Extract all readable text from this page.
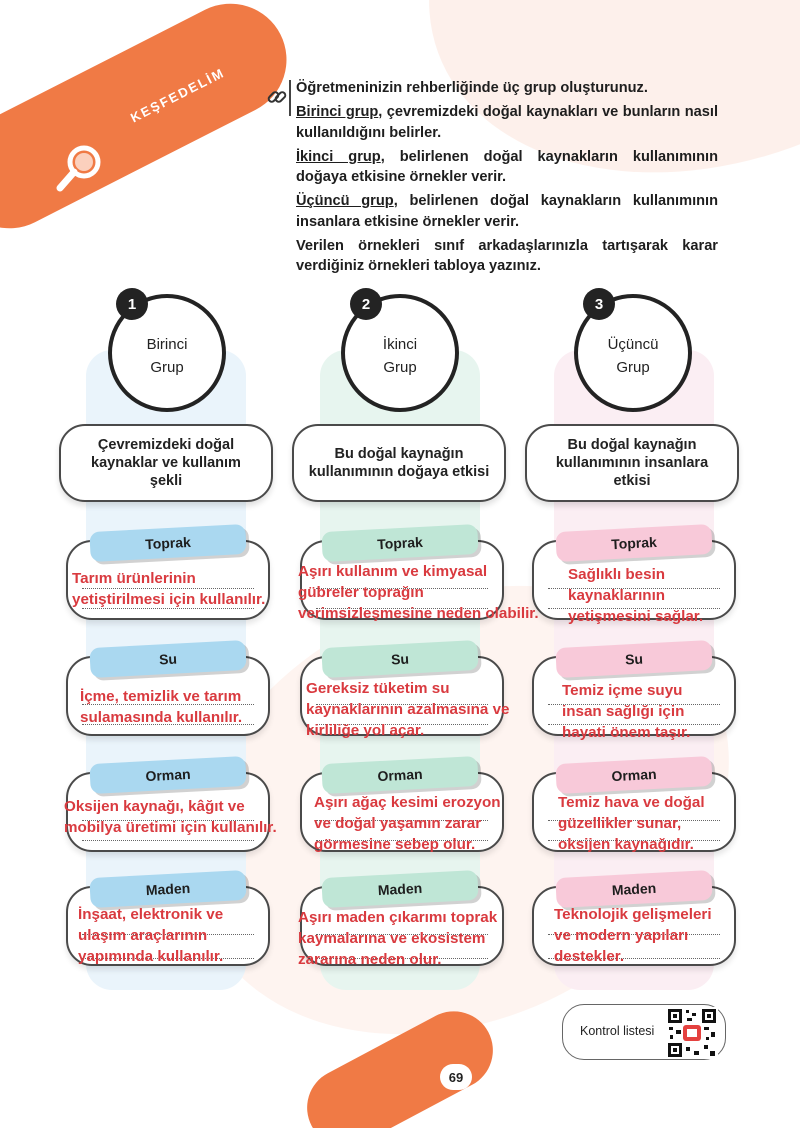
KEŞFEDELİM	Öğretmeninizin rehberliğinde üç grup oluşturunuz.

Birinci grup, çevremizdeki doğal kaynakları ve bunların nasıl kullanıldığını belirler.

İkinci grup, belirlenen doğal kaynakların kullanımının doğaya etkisine örnekler verir.

Üçüncü grup, belirlenen doğal kaynakların kullanımının insanlara etkisine örnekler verir.

Verilen örnekleri sınıf arkadaşlarınızla tartışarak karar verdiğiniz örnekleri tabloya yazınız.

Birinci
Grup
1
Çevremizdeki doğal kaynaklar ve kullanım şekli
Toprak
Tarım ürünlerinin
yetiştirilmesi için kullanılır.
Su
İçme, temizlik ve tarım
sulamasında kullanılır.
Orman
Oksijen kaynağı, kâğıt ve
mobilya üretimi için kullanılır.
Maden
İnşaat, elektronik ve
ulaşım araçlarının
yapımında kullanılır.
İkinci
Grup
2
Bu doğal kaynağın kullanımının doğaya etkisi
Toprak
Aşırı kullanım ve kimyasal
gübreler toprağın
verimsizleşmesine neden olabilir.
Su
Gereksiz tüketim su
kaynaklarının azalmasına ve
kirliliğe yol açar.
Orman
Aşırı ağaç kesimi erozyon
ve doğal yaşamın zarar
görmesine sebep olur.
Maden
Aşırı maden çıkarımı toprak
kaymalarına ve ekosistem
zararına neden olur.
Üçüncü
Grup
3
Bu doğal kaynağın kullanımının insanlara etkisi
Toprak
Sağlıklı besin
kaynaklarının
yetişmesini sağlar.
Su
Temiz içme suyu
insan sağlığı için
hayati önem taşır.
Orman
Temiz hava ve doğal
güzellikler sunar,
oksijen kaynağıdır.
Maden
Teknolojik gelişmeleri
ve modern yapıları
destekler.
Kontrol listesi
69
